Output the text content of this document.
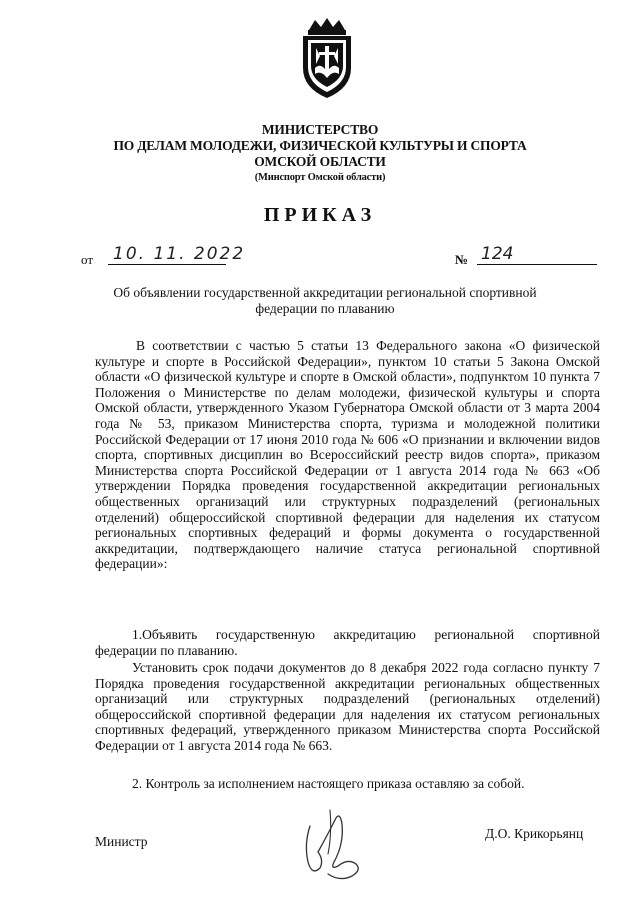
МИНИСТЕРСТВО
ПО ДЕЛАМ МОЛОДЕЖИ, ФИЗИЧЕСКОЙ КУЛЬТУРЫ И СПОРТА
ОМСКОЙ ОБЛАСТИ
(Минспорт Омской области)
ПРИКАЗ
от 10. 11. 2022	№ 124
Об объявлении государственной аккредитации региональной спортивной федерации по плаванию
В соответствии с частью 5 статьи 13 Федерального закона «О физической культуре и спорте в Российской Федерации», пунктом 10 статьи 5 Закона Омской области «О физической культуре и спорте в Омской области», подпунктом 10 пункта 7 Положения о Министерстве по делам молодежи, физической культуры и спорта Омской области, утвержденного Указом Губернатора Омской области от 3 марта 2004 года № 53, приказом Министерства спорта, туризма и молодежной политики Российской Федерации от 17 июня 2010 года № 606 «О признании и включении видов спорта, спортивных дисциплин во Всероссийский реестр видов спорта», приказом Министерства спорта Российской Федерации от 1 августа 2014 года № 663 «Об утверждении Порядка проведения государственной аккредитации региональных общественных организаций или структурных подразделений (региональных отделений) общероссийской спортивной федерации для наделения их статусом региональных спортивных федераций и формы документа о государственной аккредитации, подтверждающего наличие статуса региональной спортивной федерации»:
1.Объявить государственную аккредитацию региональной спортивной федерации по плаванию.
Установить срок подачи документов до 8 декабря 2022 года согласно пункту 7 Порядка проведения государственной аккредитации региональных общественных организаций или структурных подразделений (региональных отделений) общероссийской спортивной федерации для наделения их статусом региональных спортивных федераций, утвержденного приказом Министерства спорта Российской Федерации от 1 августа 2014 года № 663.
2. Контроль за исполнением настоящего приказа оставляю за собой.
Министр
Д.О. Крикорьянц
